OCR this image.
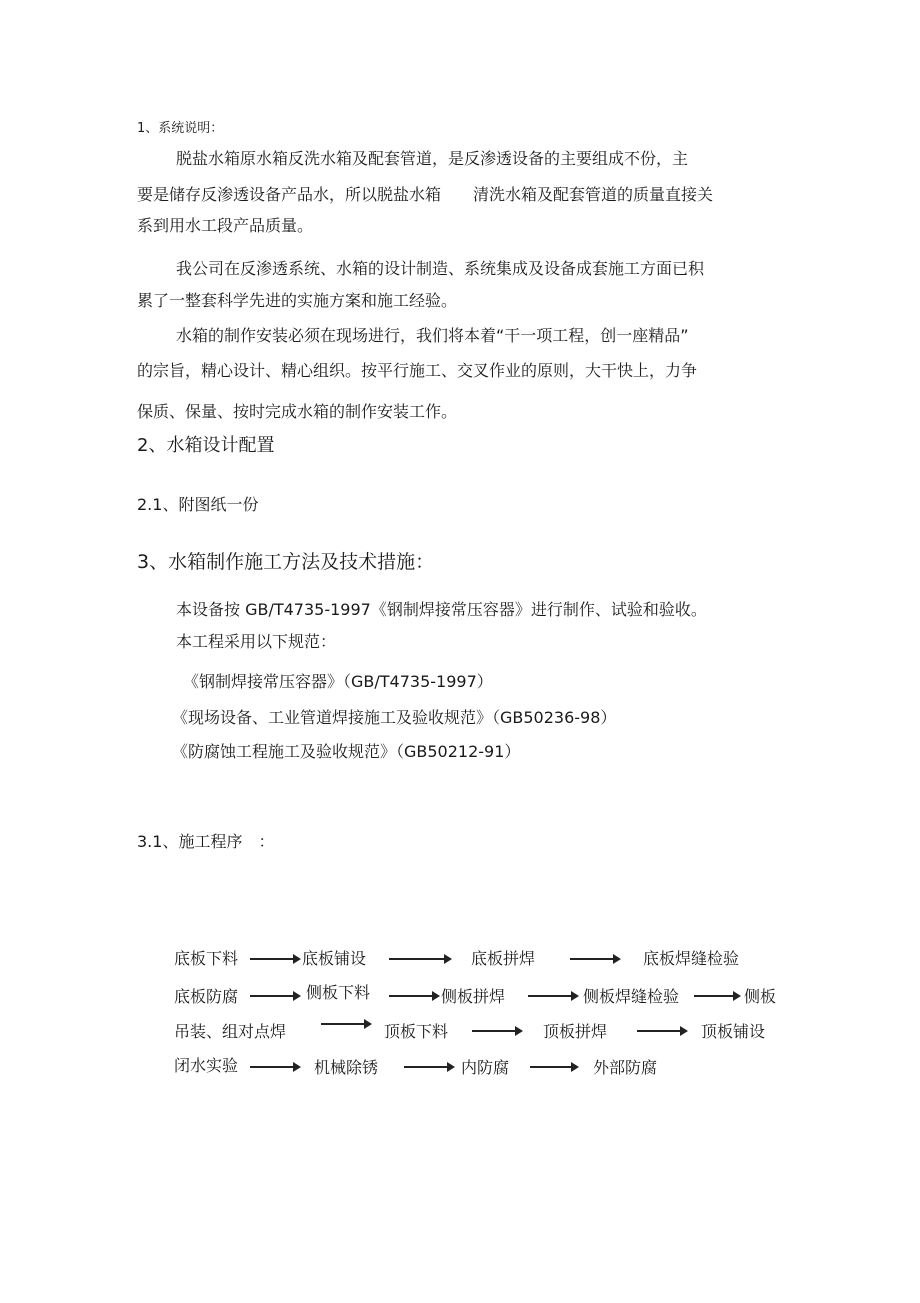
1、系统说明：
脱盐水箱原水箱反洗水箱及配套管道，是反渗透设备的主要组成不份，主
要是储存反渗透设备产品水，所以脱盐水箱　　清洗水箱及配套管道的质量直接关
系到用水工段产品质量。
我公司在反渗透系统、水箱的设计制造、系统集成及设备成套施工方面已积
累了一整套科学先进的实施方案和施工经验。
水箱的制作安装必须在现场进行，我们将本着“干一项工程，创一座精品”
的宗旨，精心设计、精心组织。按平行施工、交叉作业的原则，大干快上，力争
保质、保量、按时完成水箱的制作安装工作。
2、水箱设计配置
2.1、附图纸一份
3、水箱制作施工方法及技术措施：
本设备按 GB/T4735-1997《钢制焊接常压容器》进行制作、试验和验收。
本工程采用以下规范：
《钢制焊接常压容器》（GB/T4735-1997）
《现场设备、工业管道焊接施工及验收规范》（GB50236-98）
《防腐蚀工程施工及验收规范》（GB50212-91）
3.1、施工程序　：
底板下料	底板铺设	底板拼焊	底板焊缝检验
底板防腐	侧板下料	侧板拼焊	侧板焊缝检验	侧板
吊装、组对点焊	顶板下料	顶板拼焊	顶板铺设
闭水实验	机械除锈	内防腐	外部防腐
